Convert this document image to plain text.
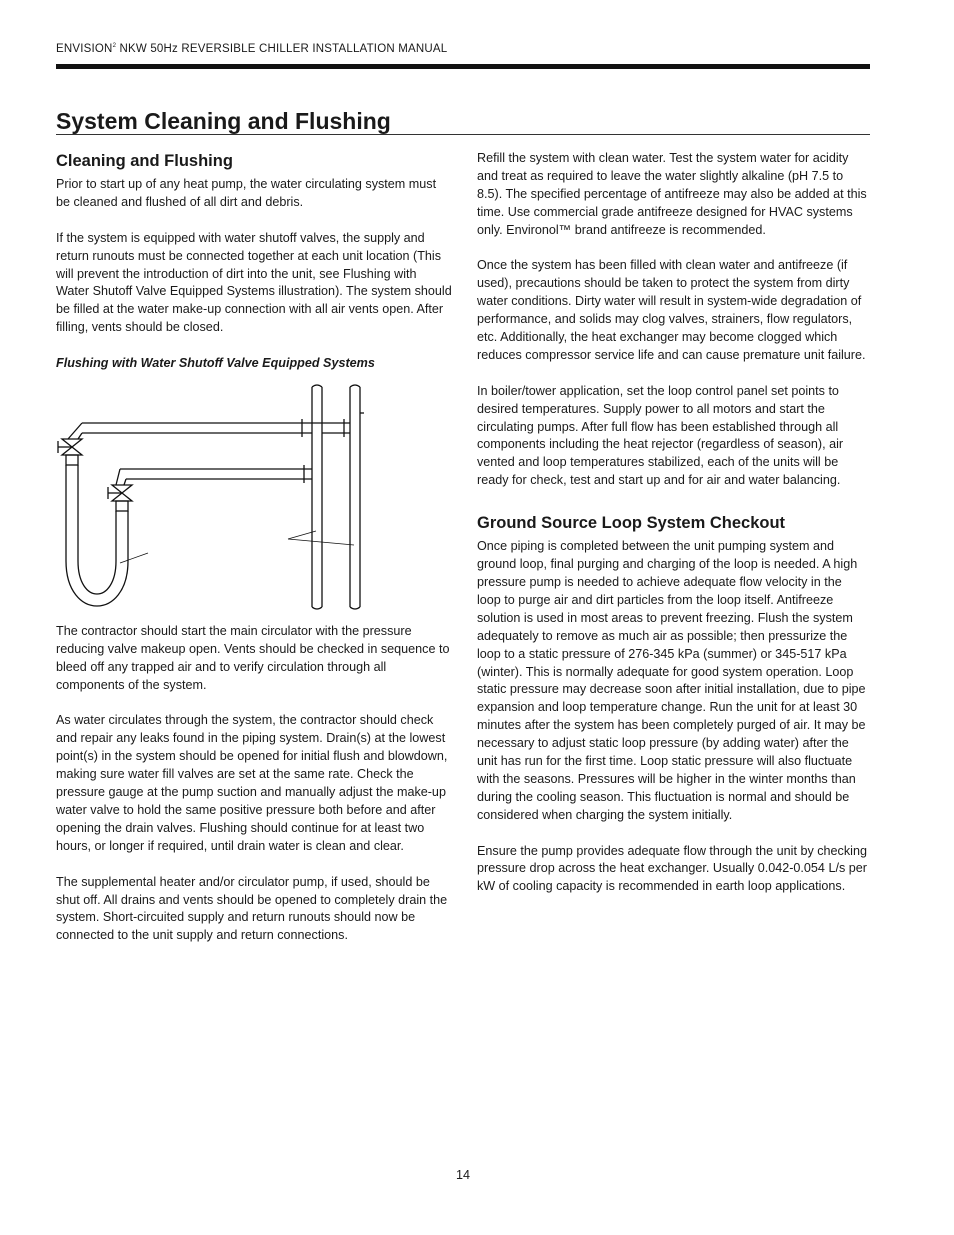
ENVISION$^2$ NKW 50Hz REVERSIBLE CHILLER INSTALLATION MANUAL
System Cleaning and Flushing
Cleaning and Flushing

Prior to start up of any heat pump, the water circulating system must be cleaned and flushed of all dirt and debris.

If the system is equipped with water shutoff valves, the supply and return runouts must be connected together at each unit location (This will prevent the introduction of dirt into the unit, see Flushing with Water Shutoff Valve Equipped Systems illustration). The system should be filled at the water make-up connection with all air vents open. After filling, vents should be closed.

Flushing with Water Shutoff Valve Equipped Systems

The contractor should start the main circulator with the pressure reducing valve makeup open. Vents should be checked in sequence to bleed off any trapped air and to verify circulation through all components of the system.

As water circulates through the system, the contractor should check and repair any leaks found in the piping system. Drain(s) at the lowest point(s) in the system should be opened for initial flush and blowdown, making sure water fill valves are set at the same rate. Check the pressure gauge at the pump suction and manually adjust the make-up water valve to hold the same positive pressure both before and after opening the drain valves. Flushing should continue for at least two hours, or longer if required, until drain water is clean and clear.

The supplemental heater and/or circulator pump, if used, should be shut off. All drains and vents should be opened to completely drain the system. Short-circuited supply and return runouts should now be connected to the unit supply and return connections.

Refill the system with clean water. Test the system water for acidity and treat as required to leave the water slightly alkaline (pH 7.5 to 8.5). The specified percentage of antifreeze may also be added at this time. Use commercial grade antifreeze designed for HVAC systems only. Environol™ brand antifreeze is recommended.

Once the system has been filled with clean water and antifreeze (if used), precautions should be taken to protect the system from dirty water conditions. Dirty water will result in system-wide degradation of performance, and solids may clog valves, strainers, flow regulators, etc. Additionally, the heat exchanger may become clogged which reduces compressor service life and can cause premature unit failure.

In boiler/tower application, set the loop control panel set points to desired temperatures. Supply power to all motors and start the circulating pumps. After full flow has been established through all components including the heat rejector (regardless of season), air vented and loop temperatures stabilized, each of the units will be ready for check, test and start up and for air and water balancing.

Ground Source Loop System Checkout

Once piping is completed between the unit pumping system and ground loop, final purging and charging of the loop is needed. A high pressure pump is needed to achieve adequate flow velocity in the loop to purge air and dirt particles from the loop itself. Antifreeze solution is used in most areas to prevent freezing. Flush the system adequately to remove as much air as possible; then pressurize the loop to a static pressure of 276-345 kPa (summer) or 345-517 kPa (winter). This is normally adequate for good system operation. Loop static pressure may decrease soon after initial installation, due to pipe expansion and loop temperature change. Run the unit for at least 30 minutes after the system has been completely purged of air. It may be necessary to adjust static loop pressure (by adding water) after the unit has run for the first time. Loop static pressure will also fluctuate with the seasons. Pressures will be higher in the winter months than during the cooling season. This fluctuation is normal and should be considered when charging the system initially.

Ensure the pump provides adequate flow through the unit by checking pressure drop across the heat exchanger. Usually 0.042-0.054 L/s per kW of cooling capacity is recommended in earth loop applications.

14
